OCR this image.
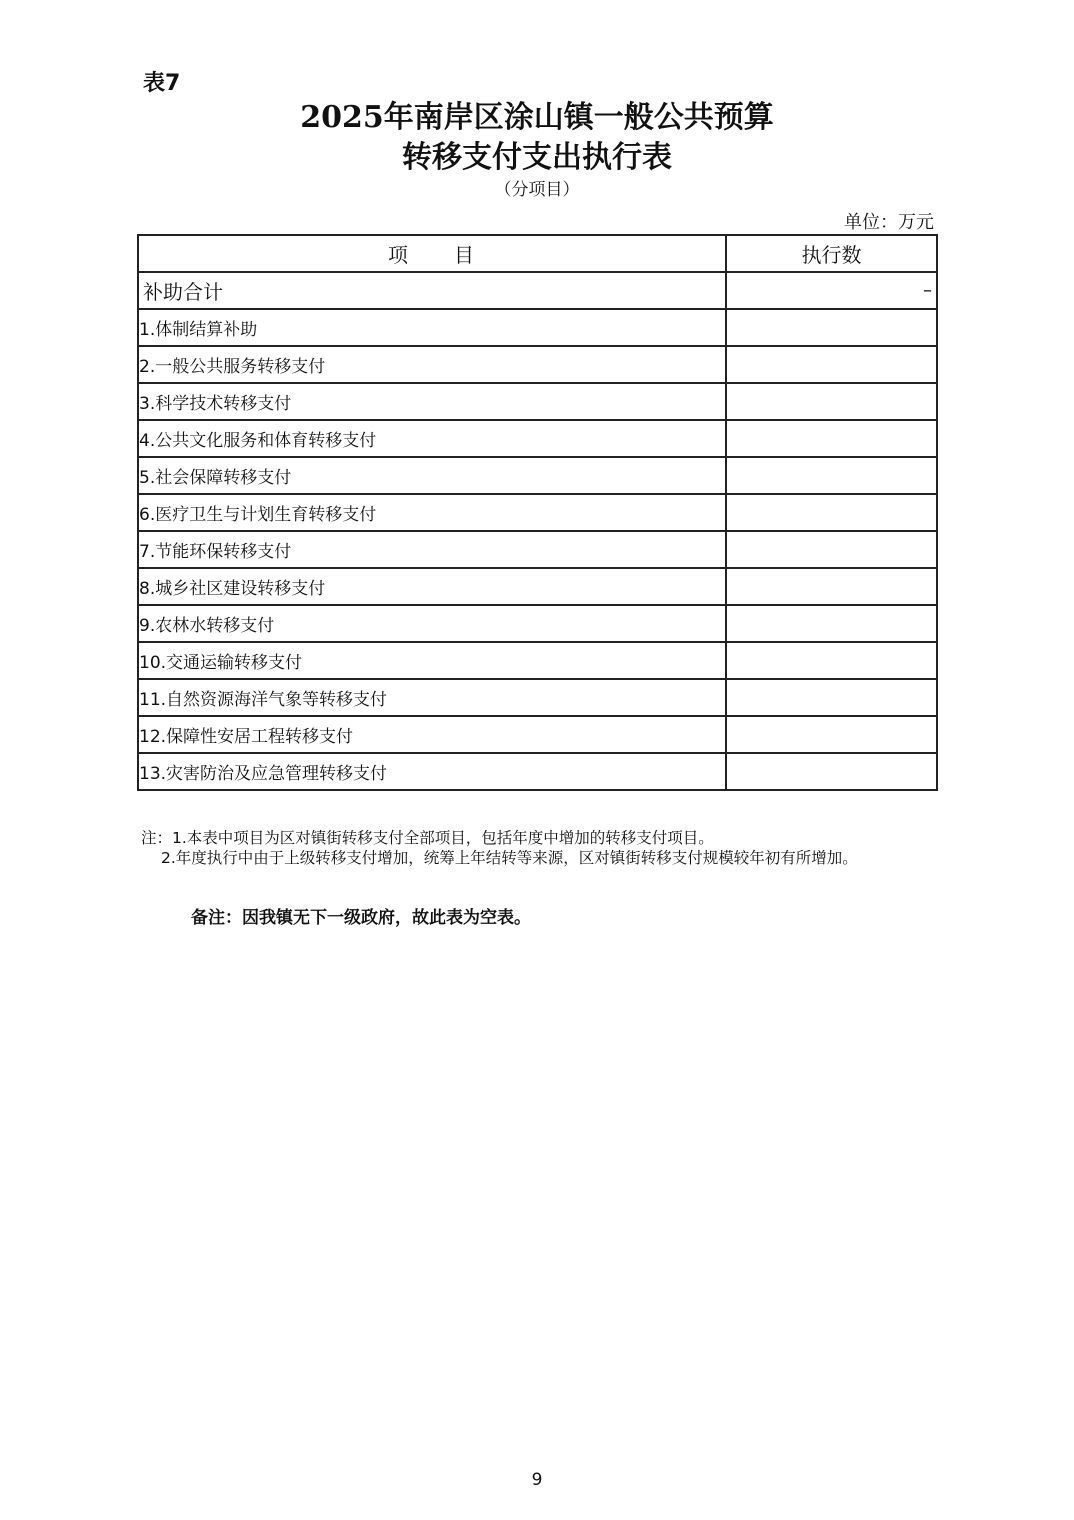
表7
2025年南岸区涂山镇一般公共预算
转移支付支出执行表
（分项目）
单位：万元
项　　目	执行数
补助合计	–
1.体制结算补助	
2.一般公共服务转移支付	
3.科学技术转移支付	
4.公共文化服务和体育转移支付	
5.社会保障转移支付	
6.医疗卫生与计划生育转移支付	
7.节能环保转移支付	
8.城乡社区建设转移支付	
9.农林水转移支付	
10.交通运输转移支付	
11.自然资源海洋气象等转移支付	
12.保障性安居工程转移支付	
13.灾害防治及应急管理转移支付	
注：1.本表中项目为区对镇街转移支付全部项目，包括年度中增加的转移支付项目。
2.年度执行中由于上级转移支付增加，统筹上年结转等来源，区对镇街转移支付规模较年初有所增加。
备注：因我镇无下一级政府，故此表为空表。
9
